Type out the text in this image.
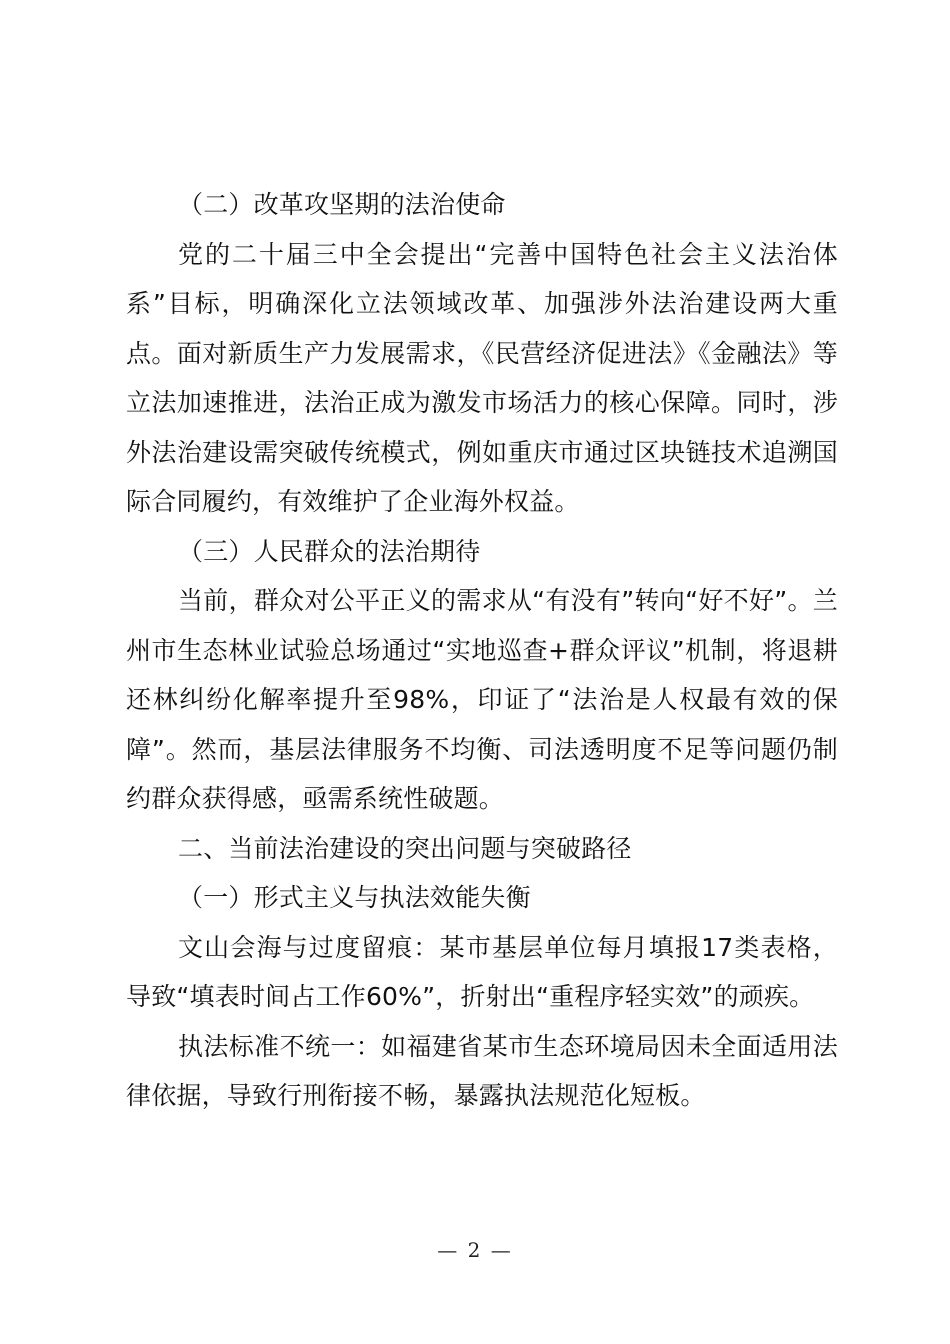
（二）改革攻坚期的法治使命

党的二十届三中全会提出“完善中国特色社会主义法治体系”目标，明确深化立法领域改革、加强涉外法治建设两大重点。面对新质生产力发展需求，《民营经济促进法》《金融法》等立法加速推进，法治正成为激发市场活力的核心保障。同时，涉外法治建设需突破传统模式，例如重庆市通过区块链技术追溯国际合同履约，有效维护了企业海外权益。

（三）人民群众的法治期待

当前，群众对公平正义的需求从“有没有”转向“好不好”。兰州市生态林业试验总场通过“实地巡查+群众评议”机制，将退耕还林纠纷化解率提升至98%，印证了“法治是人权最有效的保障”。然而，基层法律服务不均衡、司法透明度不足等问题仍制约群众获得感，亟需系统性破题。

二、当前法治建设的突出问题与突破路径

（一）形式主义与执法效能失衡

文山会海与过度留痕：某市基层单位每月填报17类表格，导致“填表时间占工作60%”，折射出“重程序轻实效”的顽疾。

执法标准不统一：如福建省某市生态环境局因未全面适用法律依据，导致行刑衔接不畅，暴露执法规范化短板。

— 2 —
